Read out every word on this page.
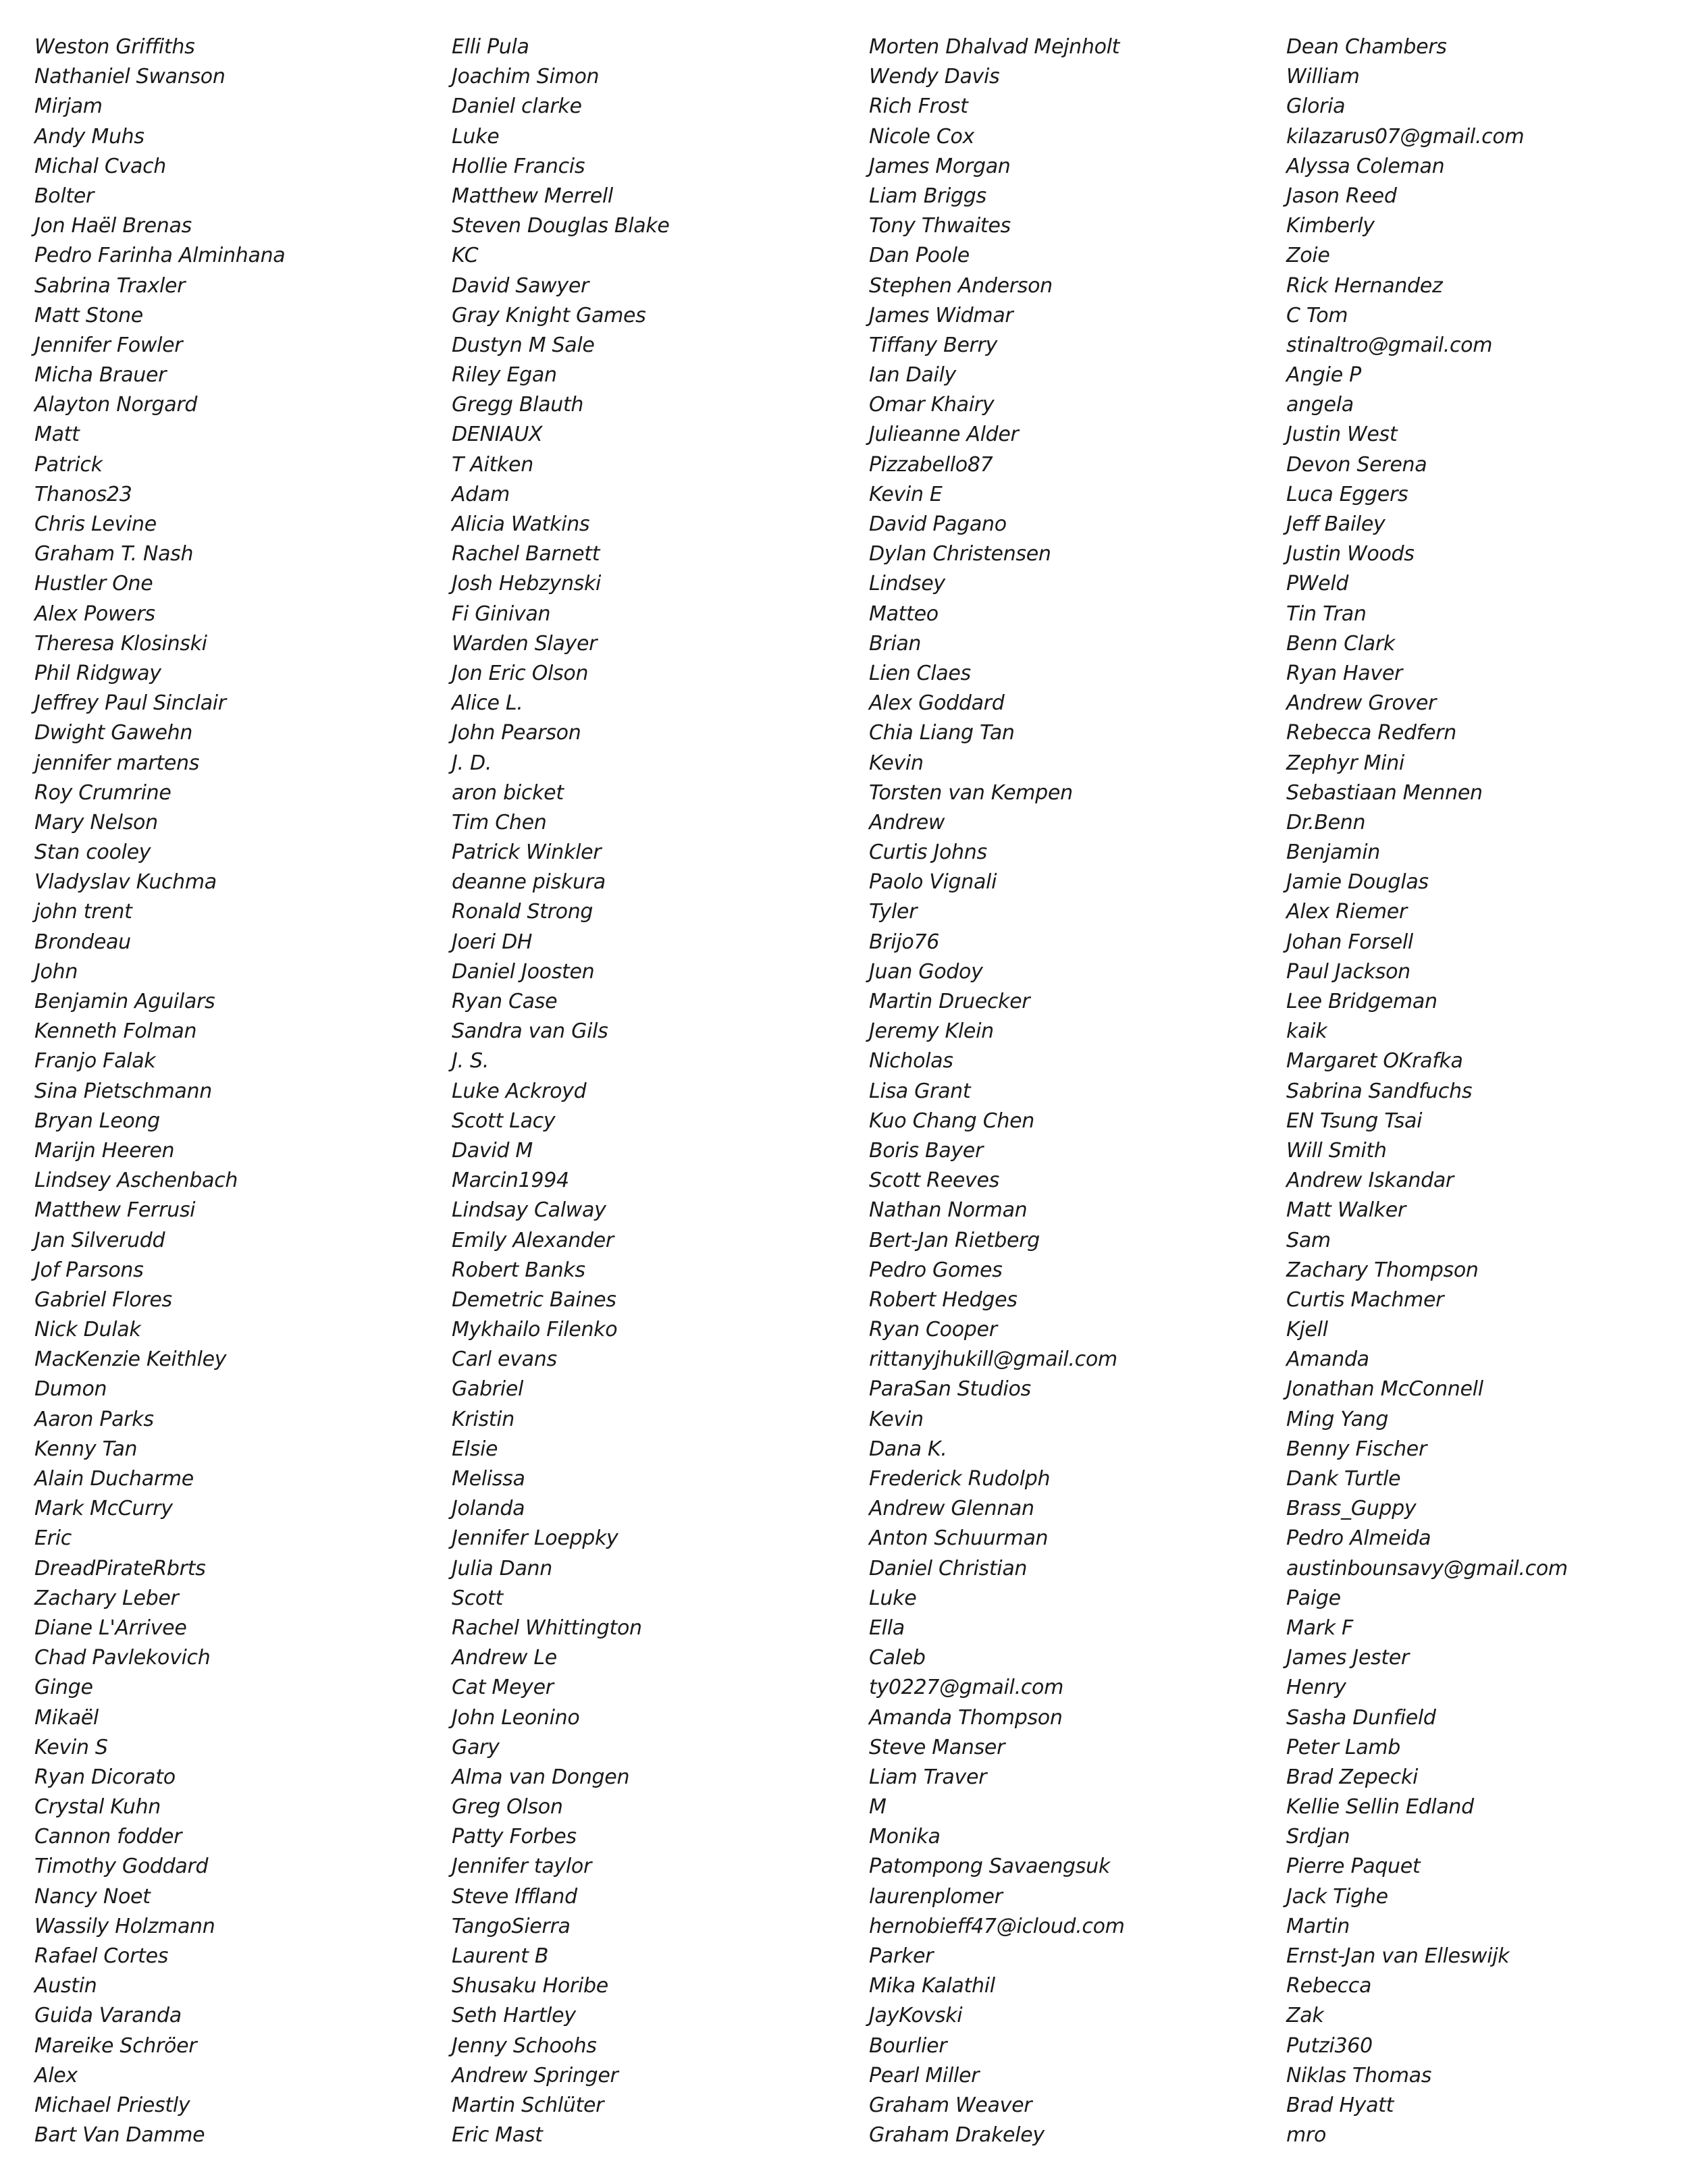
Weston Griffiths
Nathaniel Swanson
Mirjam
Andy Muhs
Michal Cvach
Bolter
Jon Haël Brenas
Pedro Farinha Alminhana
Sabrina Traxler
Matt Stone
Jennifer Fowler
Micha Brauer
Alayton Norgard
Matt
Patrick
Thanos23
Chris Levine
Graham T. Nash
Hustler One
Alex Powers
Theresa Klosinski
Phil Ridgway
Jeffrey Paul Sinclair
Dwight Gawehn
jennifer martens
Roy Crumrine
Mary Nelson
Stan cooley
Vladyslav Kuchma
john trent
Brondeau
John
Benjamin Aguilars
Kenneth Folman
Franjo Falak
Sina Pietschmann
Bryan Leong
Marijn Heeren
Lindsey Aschenbach
Matthew Ferrusi
Jan Silverudd
Jof Parsons
Gabriel Flores
Nick Dulak
MacKenzie Keithley
Dumon
Aaron Parks
Kenny Tan
Alain Ducharme
Mark McCurry
Eric
DreadPirateRbrts
Zachary Leber
Diane L'Arrivee
Chad Pavlekovich
Ginge
Mikaël
Kevin S
Ryan Dicorato
Crystal Kuhn
Cannon fodder
Timothy Goddard
Nancy Noet
Wassily Holzmann
Rafael Cortes
Austin
Guida Varanda
Mareike Schröer
Alex
Michael Priestly
Bart Van Damme
Elli Pula
Joachim Simon
Daniel clarke
Luke
Hollie Francis
Matthew Merrell
Steven Douglas Blake
KC
David Sawyer
Gray Knight Games
Dustyn M Sale
Riley Egan
Gregg Blauth
DENIAUX
T Aitken
Adam
Alicia Watkins
Rachel Barnett
Josh Hebzynski
Fi Ginivan
Warden Slayer
Jon Eric Olson
Alice L.
John Pearson
J. D.
aron bicket
Tim Chen
Patrick Winkler
deanne piskura
Ronald Strong
Joeri DH
Daniel Joosten
Ryan Case
Sandra van Gils
J. S.
Luke Ackroyd
Scott Lacy
David M
Marcin1994
Lindsay Calway
Emily Alexander
Robert Banks
Demetric Baines
Mykhailo Filenko
Carl evans
Gabriel
Kristin
Elsie
Melissa
Jolanda
Jennifer Loeppky
Julia Dann
Scott
Rachel Whittington
Andrew Le
Cat Meyer
John Leonino
Gary
Alma van Dongen
Greg Olson
Patty Forbes
Jennifer taylor
Steve Iffland
TangoSierra
Laurent B
Shusaku Horibe
Seth Hartley
Jenny Schoohs
Andrew Springer
Martin Schlüter
Eric Mast
Morten Dhalvad Mejnholt
Wendy Davis
Rich Frost
Nicole Cox
James Morgan
Liam Briggs
Tony Thwaites
Dan Poole
Stephen Anderson
James Widmar
Tiffany Berry
Ian Daily
Omar Khairy
Julieanne Alder
Pizzabello87
Kevin E
David Pagano
Dylan Christensen
Lindsey
Matteo
Brian
Lien Claes
Alex Goddard
Chia Liang Tan
Kevin
Torsten van Kempen
Andrew
Curtis Johns
Paolo Vignali
Tyler
Brijo76
Juan Godoy
Martin Druecker
Jeremy Klein
Nicholas
Lisa Grant
Kuo Chang Chen
Boris Bayer
Scott Reeves
Nathan Norman
Bert-Jan Rietberg
Pedro Gomes
Robert Hedges
Ryan Cooper
rittanyjhukill@gmail.com
ParaSan Studios
Kevin
Dana K.
Frederick Rudolph
Andrew Glennan
Anton Schuurman
Daniel Christian
Luke
Ella
Caleb
ty0227@gmail.com
Amanda Thompson
Steve Manser
Liam Traver
M
Monika
Patompong Savaengsuk
laurenplomer
hernobieff47@icloud.com
Parker
Mika Kalathil
JayKovski
Bourlier
Pearl Miller
Graham Weaver
Graham Drakeley
Dean Chambers
William
Gloria
kilazarus07@gmail.com
Alyssa Coleman
Jason Reed
Kimberly
Zoie
Rick Hernandez
C Tom
stinaltro@gmail.com
Angie P
angela
Justin West
Devon Serena
Luca Eggers
Jeff Bailey
Justin Woods
PWeld
Tin Tran
Benn Clark
Ryan Haver
Andrew Grover
Rebecca Redfern
Zephyr Mini
Sebastiaan Mennen
Dr.Benn
Benjamin
Jamie Douglas
Alex Riemer
Johan Forsell
Paul Jackson
Lee Bridgeman
kaik
Margaret OKrafka
Sabrina Sandfuchs
EN Tsung Tsai
Will Smith
Andrew Iskandar
Matt Walker
Sam
Zachary Thompson
Curtis Machmer
Kjell
Amanda
Jonathan McConnell
Ming Yang
Benny Fischer
Dank Turtle
Brass_Guppy
Pedro Almeida
austinbounsavy@gmail.com
Paige
Mark F
James Jester
Henry
Sasha Dunfield
Peter Lamb
Brad Zepecki
Kellie Sellin Edland
Srdjan
Pierre Paquet
Jack Tighe
Martin
Ernst-Jan van Elleswijk
Rebecca
Zak
Putzi360
Niklas Thomas
Brad Hyatt
mro
